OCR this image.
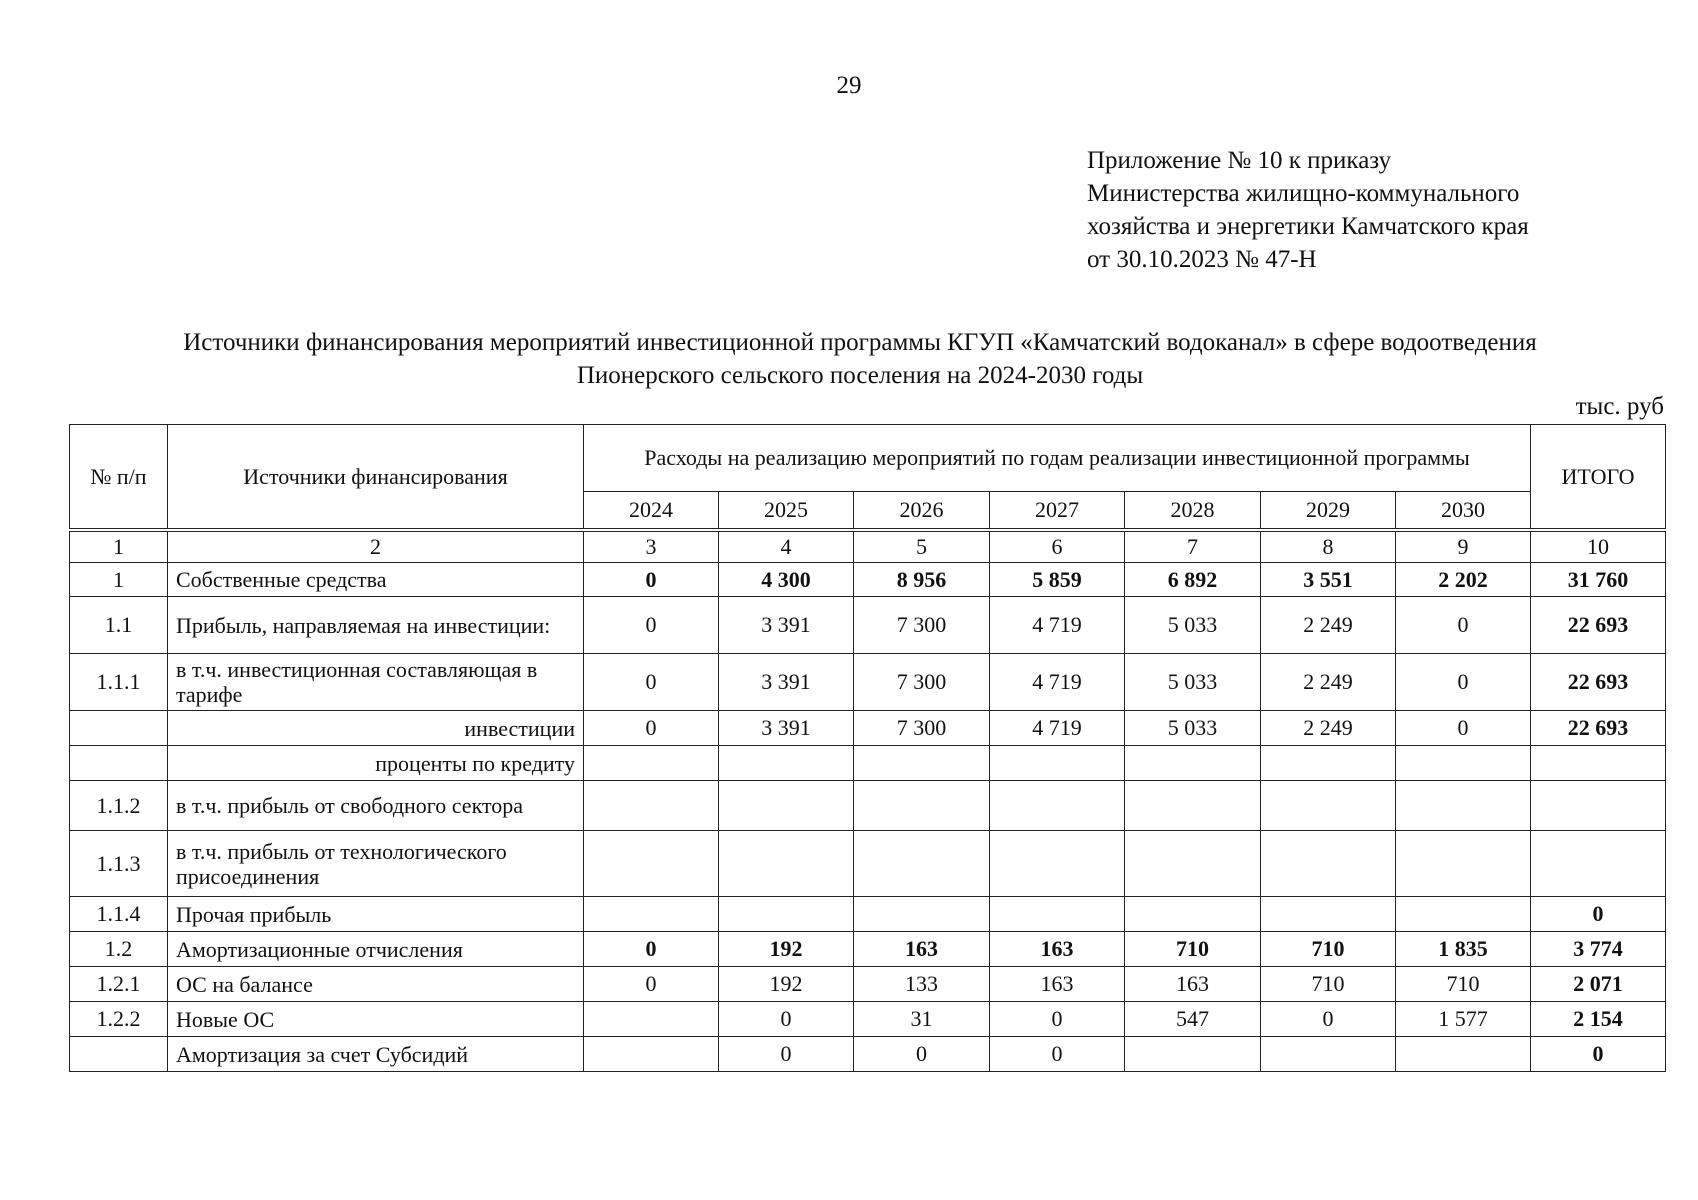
29
Приложение № 10 к приказу
Министерства жилищно-коммунального
хозяйства и энергетики Камчатского края
от 30.10.2023 № 47-Н
Источники финансирования мероприятий инвестиционной программы КГУП «Камчатский водоканал» в сфере водоотведения
Пионерского сельского поселения на 2024-2030 годы
тыс. руб
№ п/п	Источники финансирования	Расходы на реализацию мероприятий по годам реализации инвестиционной программы							ИТОГО
		2024	2025	2026	2027	2028	2029	2030	
1	2	3	4	5	6	7	8	9	10
1	Собственные средства	0	4 300	8 956	5 859	6 892	3 551	2 202	31 760
1.1	Прибыль, направляемая на инвестиции:	0	3 391	7 300	4 719	5 033	2 249	0	22 693
1.1.1	в т.ч. инвестиционная составляющая в тарифе	0	3 391	7 300	4 719	5 033	2 249	0	22 693
	инвестиции	0	3 391	7 300	4 719	5 033	2 249	0	22 693
	проценты по кредиту								
1.1.2	в т.ч. прибыль от свободного сектора								
1.1.3	в т.ч. прибыль от технологического присоединения								
1.1.4	Прочая прибыль								0
1.2	Амортизационные отчисления	0	192	163	163	710	710	1 835	3 774
1.2.1	ОС на балансе	0	192	133	163	163	710	710	2 071
1.2.2	Новые ОС		0	31	0	547	0	1 577	2 154
	Амортизация за счет Субсидий		0	0	0				0
